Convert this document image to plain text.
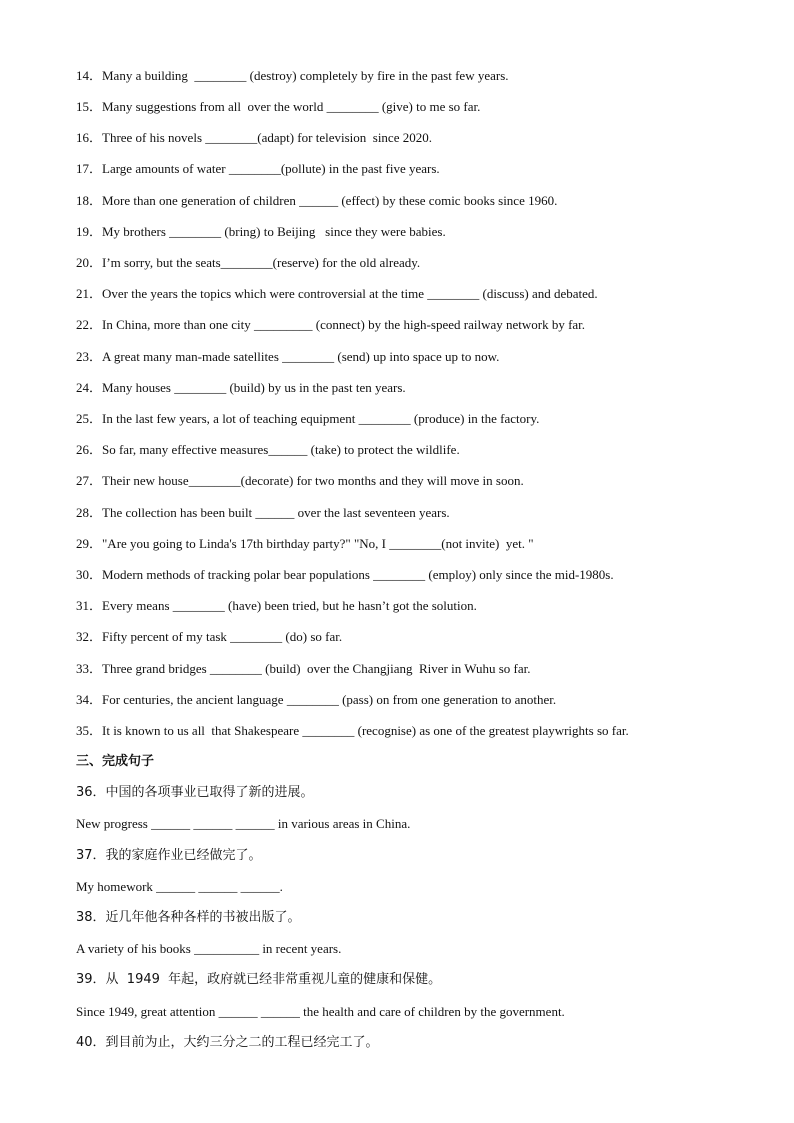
14．Many a building  ________ (destroy) completely by fire in the past few years.
15．Many suggestions from all  over the world ________ (give) to me so far.
16．Three of his novels ________(adapt) for television  since 2020.
17．Large amounts of water ________(pollute) in the past five years.
18．More than one generation of children ______ (effect) by these comic books since 1960.
19．My brothers ________ (bring) to Beijing   since they were babies.
20．I’m sorry, but the seats________(reserve) for the old already.
21．Over the years the topics which were controversial at the time ________ (discuss) and debated.
22．In China, more than one city _________ (connect) by the high-speed railway network by far.
23．A great many man-made satellites ________ (send) up into space up to now.
24．Many houses ________ (build) by us in the past ten years.
25．In the last few years, a lot of teaching equipment ________ (produce) in the factory.
26．So far, many effective measures______ (take) to protect the wildlife.
27．Their new house________(decorate) for two months and they will move in soon.
28．The collection has been built ______ over the last seventeen years.
29．"Are you going to Linda's 17th birthday party?" "No, I ________(not invite)  yet. "
30．Modern methods of tracking polar bear populations ________ (employ) only since the mid-1980s.
31．Every means ________ (have) been tried, but he hasn’t got the solution.
32．Fifty percent of my task ________ (do) so far.
33．Three grand bridges ________ (build)  over the Changjiang  River in Wuhu so far.
34．For centuries, the ancient language ________ (pass) on from one generation to another.
35．It is known to us all  that Shakespeare ________ (recognise) as one of the greatest playwrights so far.
三、完成句子
36．中国的各项事业已取得了新的进展。
New progress ______ ______ ______ in various areas in China.
37．我的家庭作业已经做完了。
My homework ______ ______ ______.
38．近几年他各种各样的书被出版了。
A variety of his books __________ in recent years.
39．从  1949  年起，政府就已经非常重视儿童的健康和保健。
Since 1949, great attention ______ ______ the health and care of children by the government.
40．到目前为止，大约三分之二的工程已经完工了。
